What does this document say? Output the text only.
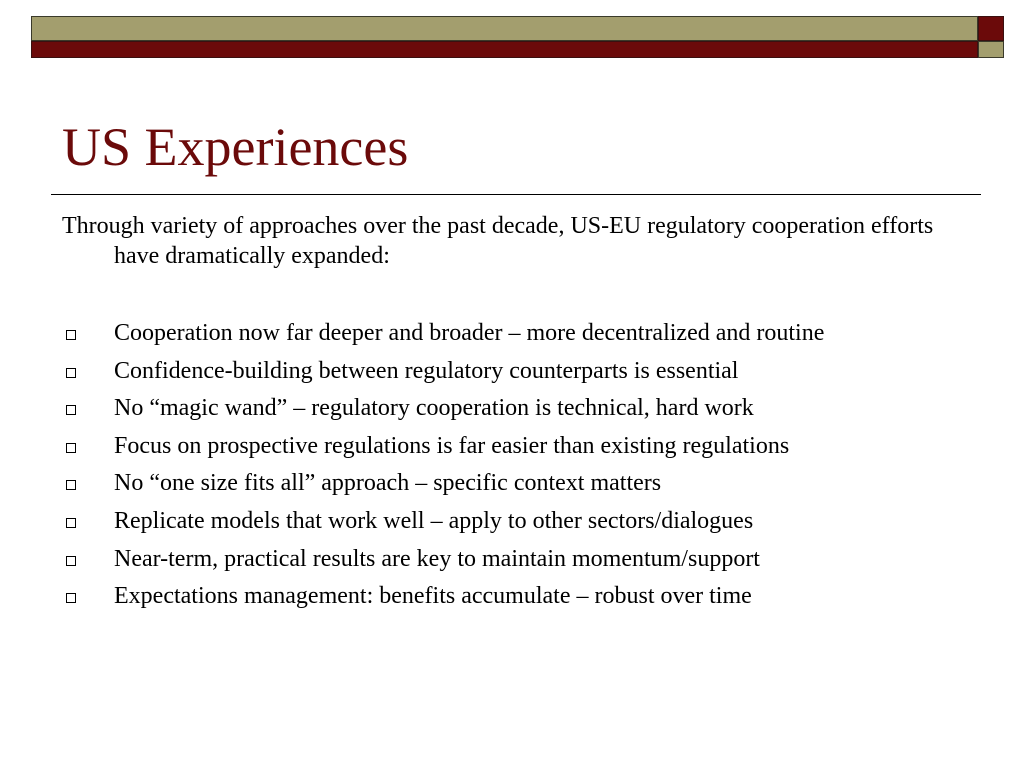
US Experiences

Through variety of approaches over the past decade, US-EU regulatory cooperation efforts have dramatically expanded:

Cooperation now far deeper and broader – more decentralized and routine
Confidence-building between regulatory counterparts is essential
No “magic wand” – regulatory cooperation is technical, hard work
Focus on prospective regulations is far easier than existing regulations
No “one size fits all” approach – specific context matters
Replicate models that work well – apply to other sectors/dialogues
Near-term, practical results are key to maintain momentum/support
Expectations management: benefits accumulate – robust over time
